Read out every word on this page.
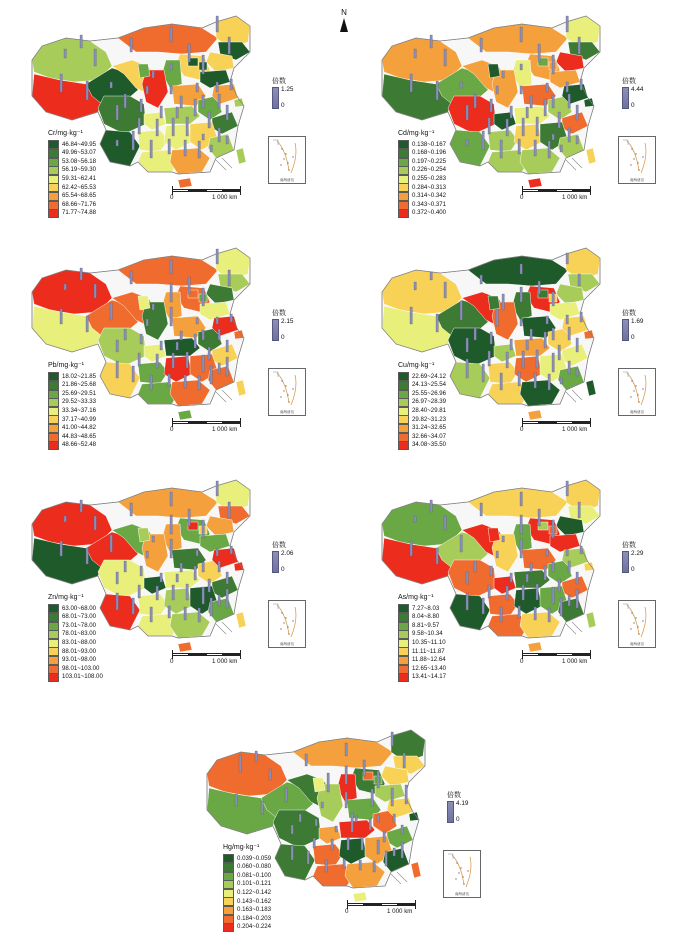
N
Cr/mg·kg⁻¹
46.84~49.95
49.96~53.07
53.08~56.18
56.19~59.30
59.31~62.41
62.42~65.53
65.54~68.65
68.66~71.76
71.77~74.88
倍数
1.25
0
0	1 000 km
南海诸岛
Cd/mg·kg⁻¹
0.138~0.167
0.168~0.196
0.197~0.225
0.226~0.254
0.255~0.283
0.284~0.313
0.314~0.342
0.343~0.371
0.372~0.400
倍数
4.44
0
0	1 000 km
南海诸岛
Pb/mg·kg⁻¹
18.02~21.85
21.86~25.68
25.69~29.51
29.52~33.33
33.34~37.16
37.17~40.99
41.00~44.82
44.83~48.65
48.66~52.48
倍数
2.15
0
0	1 000 km
南海诸岛
Cu/mg·kg⁻¹
22.69~24.12
24.13~25.54
25.55~26.96
26.97~28.39
28.40~29.81
29.82~31.23
31.24~32.65
32.66~34.07
34.08~35.50
倍数
1.69
0
0	1 000 km
南海诸岛
Zn/mg·kg⁻¹
63.00~68.00
68.01~73.00
73.01~78.00
78.01~83.00
83.01~88.00
88.01~93.00
93.01~98.00
98.01~103.00
103.01~108.00
倍数
2.06
0
0	1 000 km
南海诸岛
As/mg·kg⁻¹
7.27~8.03
8.04~8.80
8.81~9.57
9.58~10.34
10.35~11.10
11.11~11.87
11.88~12.64
12.65~13.40
13.41~14.17
倍数
2.29
0
0	1 000 km
南海诸岛
Hg/mg·kg⁻¹
0.039~0.059
0.060~0.080
0.081~0.100
0.101~0.121
0.122~0.142
0.143~0.162
0.163~0.183
0.184~0.203
0.204~0.224
倍数
4.19
0
0	1 000 km
南海诸岛
